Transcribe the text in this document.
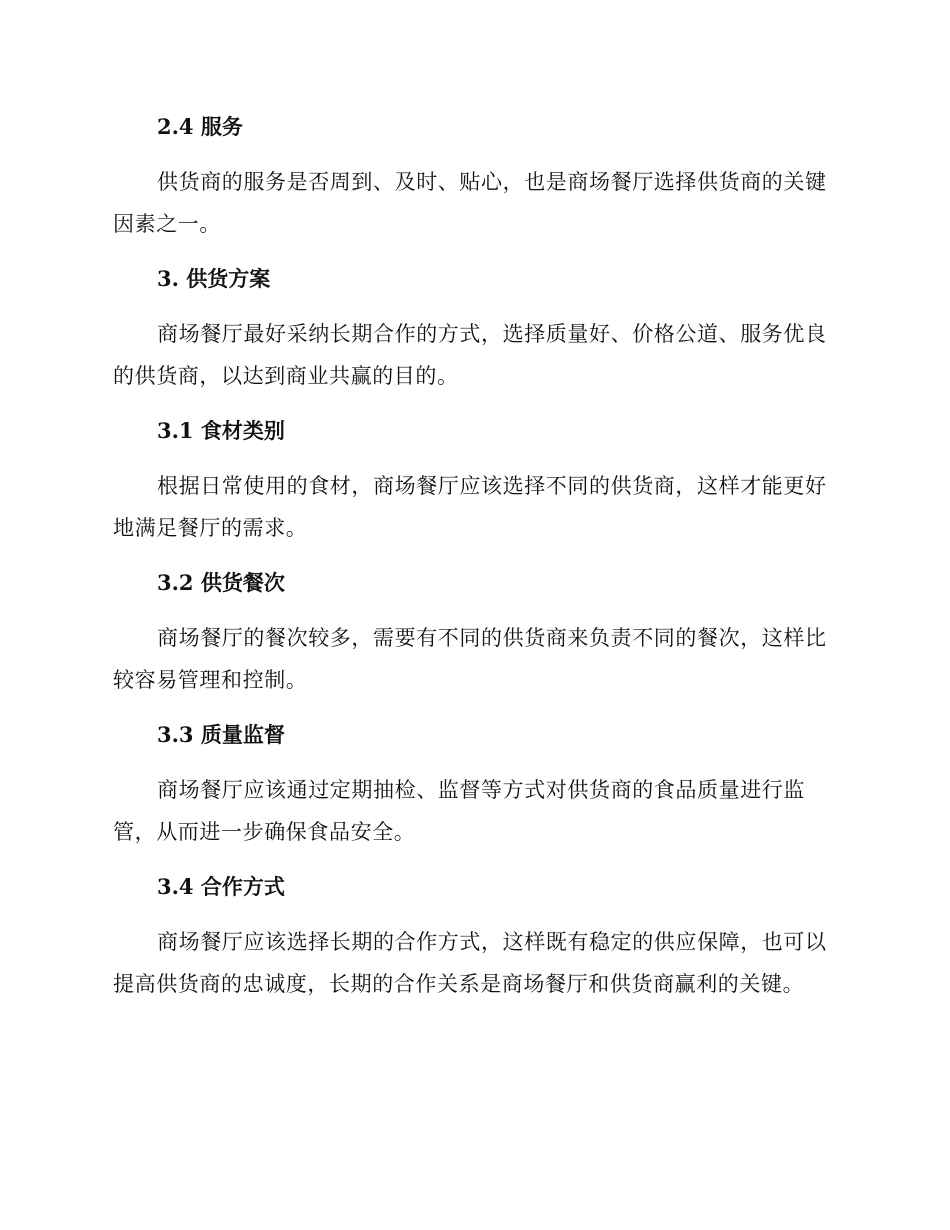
2.4 服务

供货商的服务是否周到、及时、贴心，也是商场餐厅选择供货商的关键因素之一。

3. 供货方案

商场餐厅最好采纳长期合作的方式，选择质量好、价格公道、服务优良的供货商，以达到商业共赢的目的。

3.1 食材类别

根据日常使用的食材，商场餐厅应该选择不同的供货商，这样才能更好地满足餐厅的需求。

3.2 供货餐次

商场餐厅的餐次较多，需要有不同的供货商来负责不同的餐次，这样比较容易管理和控制。

3.3 质量监督

商场餐厅应该通过定期抽检、监督等方式对供货商的食品质量进行监管，从而进一步确保食品安全。

3.4 合作方式

商场餐厅应该选择长期的合作方式，这样既有稳定的供应保障，也可以提高供货商的忠诚度，长期的合作关系是商场餐厅和供货商赢利的关键。
